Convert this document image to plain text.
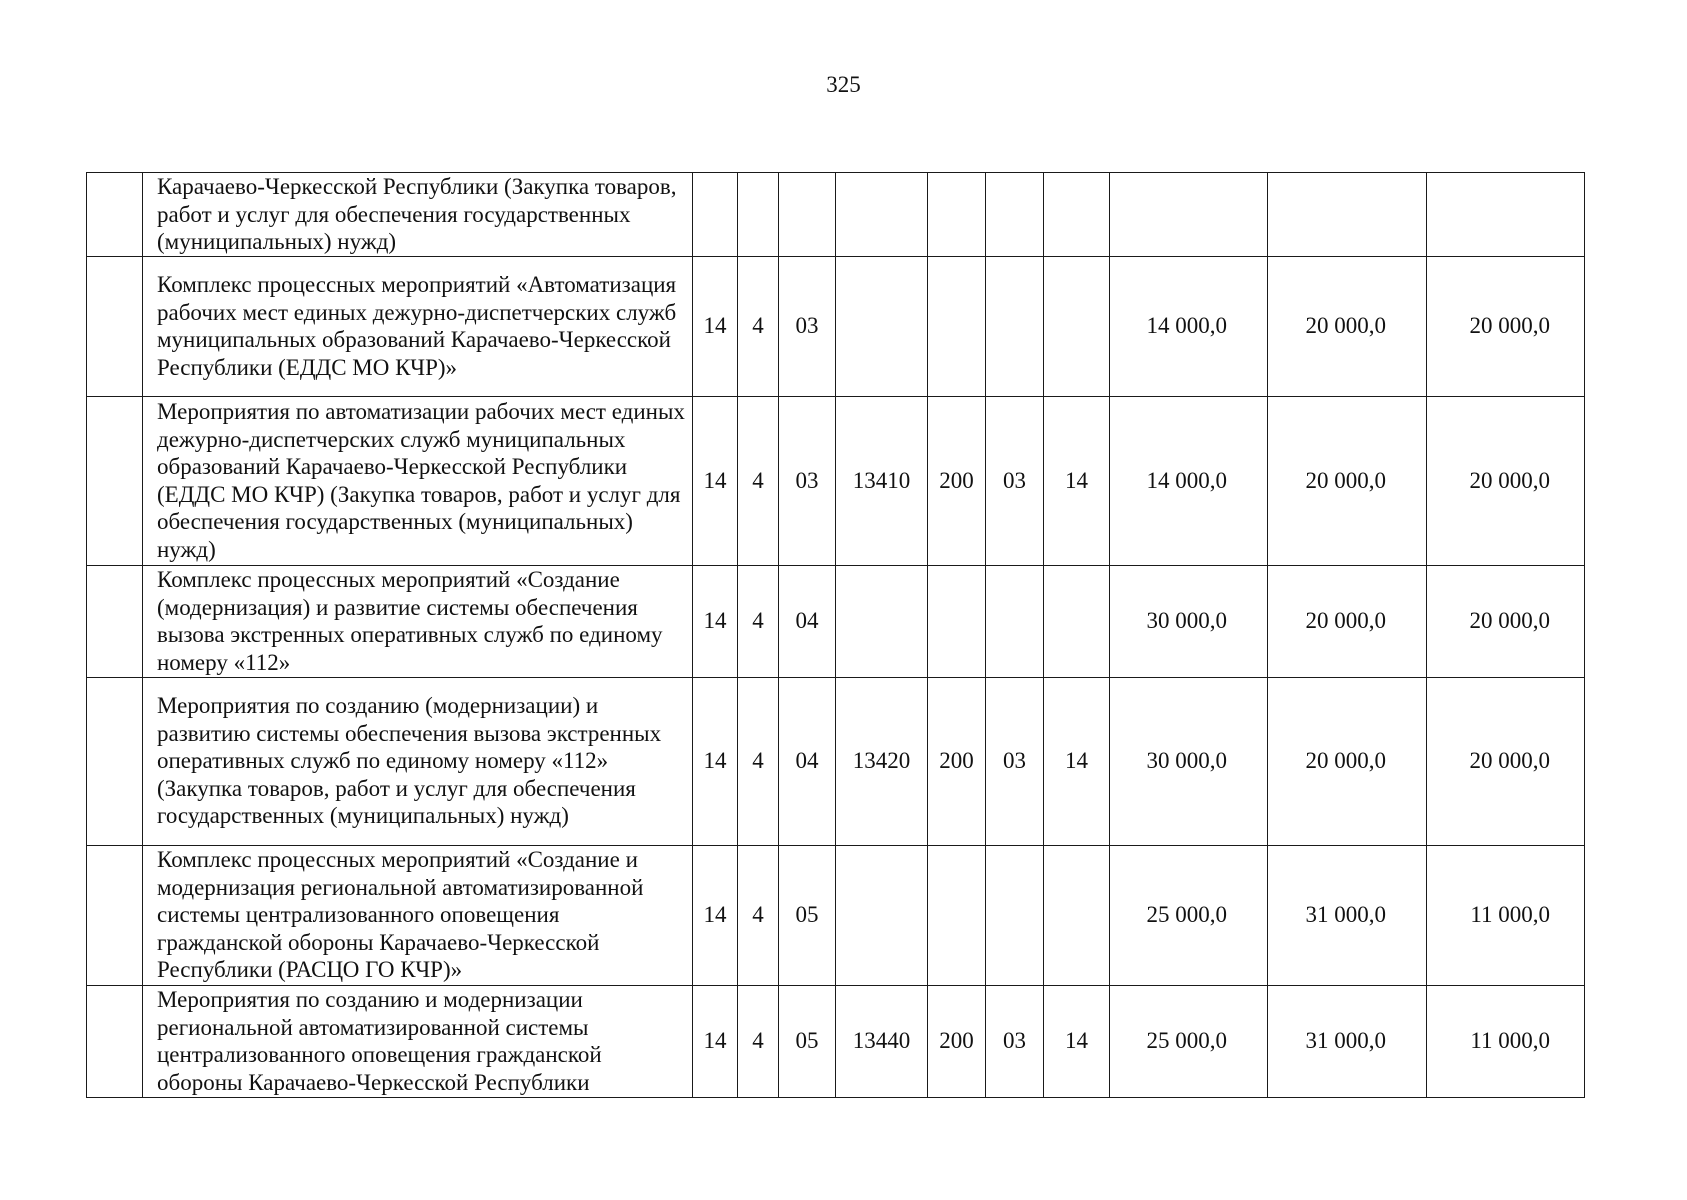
325
	Карачаево-Черкесской Республики (Закупка товаров, работ и услуг для обеспечения государственных (муниципальных) нужд)										
	Комплекс процессных мероприятий «Автоматизация рабочих мест единых дежурно-диспетчерских служб муниципальных образований Карачаево-Черкесской Республики (ЕДДС МО КЧР)»	14	4	03					14 000,0	20 000,0	20 000,0
	Мероприятия по автоматизации рабочих мест единых дежурно-диспетчерских служб муниципальных образований Карачаево-Черкесской Республики (ЕДДС МО КЧР) (Закупка товаров, работ и услуг для обеспечения государственных (муниципальных) нужд)	14	4	03	13410	200	03	14	14 000,0	20 000,0	20 000,0
	Комплекс процессных мероприятий «Создание (модернизация) и развитие системы обеспечения вызова экстренных оперативных служб по единому номеру «112»	14	4	04					30 000,0	20 000,0	20 000,0
	Мероприятия по созданию (модернизации) и развитию системы обеспечения вызова экстренных оперативных служб по единому номеру «112» (Закупка товаров, работ и услуг для обеспечения государственных (муниципальных) нужд)	14	4	04	13420	200	03	14	30 000,0	20 000,0	20 000,0
	Комплекс процессных мероприятий «Создание и модернизация региональной автоматизированной системы централизованного оповещения гражданской обороны Карачаево-Черкесской Республики (РАСЦО ГО КЧР)»	14	4	05					25 000,0	31 000,0	11 000,0
	Мероприятия по созданию и модернизации региональной автоматизированной системы централизованного оповещения гражданской обороны Карачаево-Черкесской Республики	14	4	05	13440	200	03	14	25 000,0	31 000,0	11 000,0
